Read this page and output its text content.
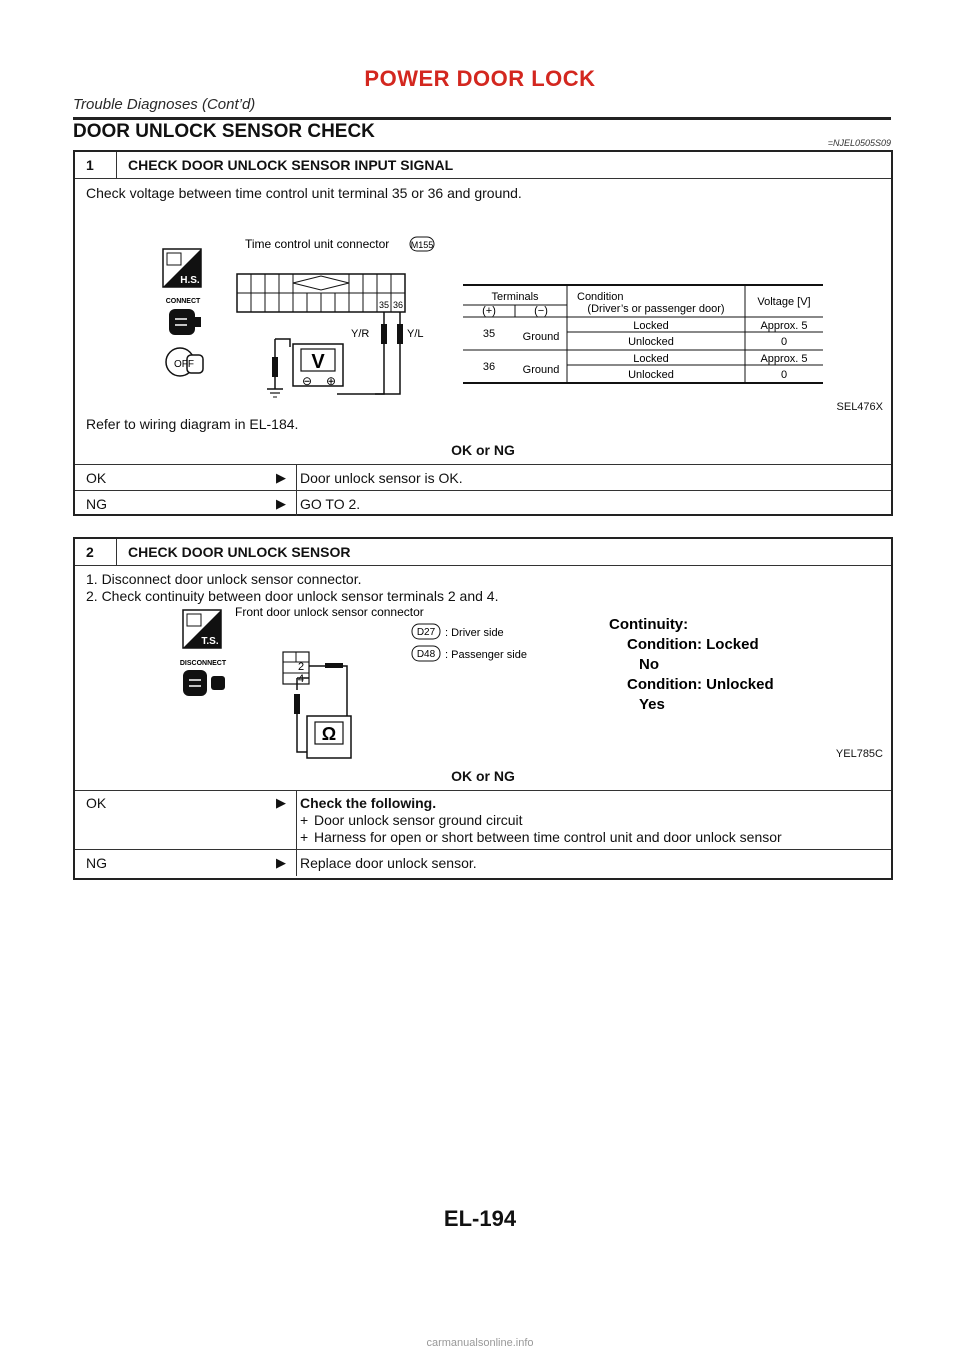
POWER DOOR LOCK
Trouble Diagnoses (Cont’d)
DOOR UNLOCK SENSOR CHECK
=NJEL0505S09
1	CHECK DOOR UNLOCK SENSOR INPUT SIGNAL
Check voltage between time control unit terminal 35 or 36 and ground.
H.S.
CONNECT
OFF
Time control unit connector M155
35 36
Y/R	Y/L
V
⊖ ⊕
Terminals
(+)	(−)
Condition
(Driver’s or passenger door)
Voltage [V]
35	Ground
Locked	Approx. 5
Unlocked	0
36	Ground
Locked	Approx. 5
Unlocked	0
SEL476X
Refer to wiring diagram in EL-184.
OK or NG
OK	▶ Door unlock sensor is OK.
NG	▶ GO TO 2.
2	CHECK DOOR UNLOCK SENSOR
1. Disconnect door unlock sensor connector.
2. Check continuity between door unlock sensor terminals 2 and 4.
T.S.
DISCONNECT
Front door unlock sensor connector
D27 : Driver side
D48 : Passenger side
2
4
Ω
Continuity:
Condition: Locked
No
Condition: Unlocked
Yes
YEL785C
OK or NG
OK	▶ Check the following.
+ Door unlock sensor ground circuit
+ Harness for open or short between time control unit and door unlock sensor
NG	▶ Replace door unlock sensor.
EL-194
carmanualsonline.info
